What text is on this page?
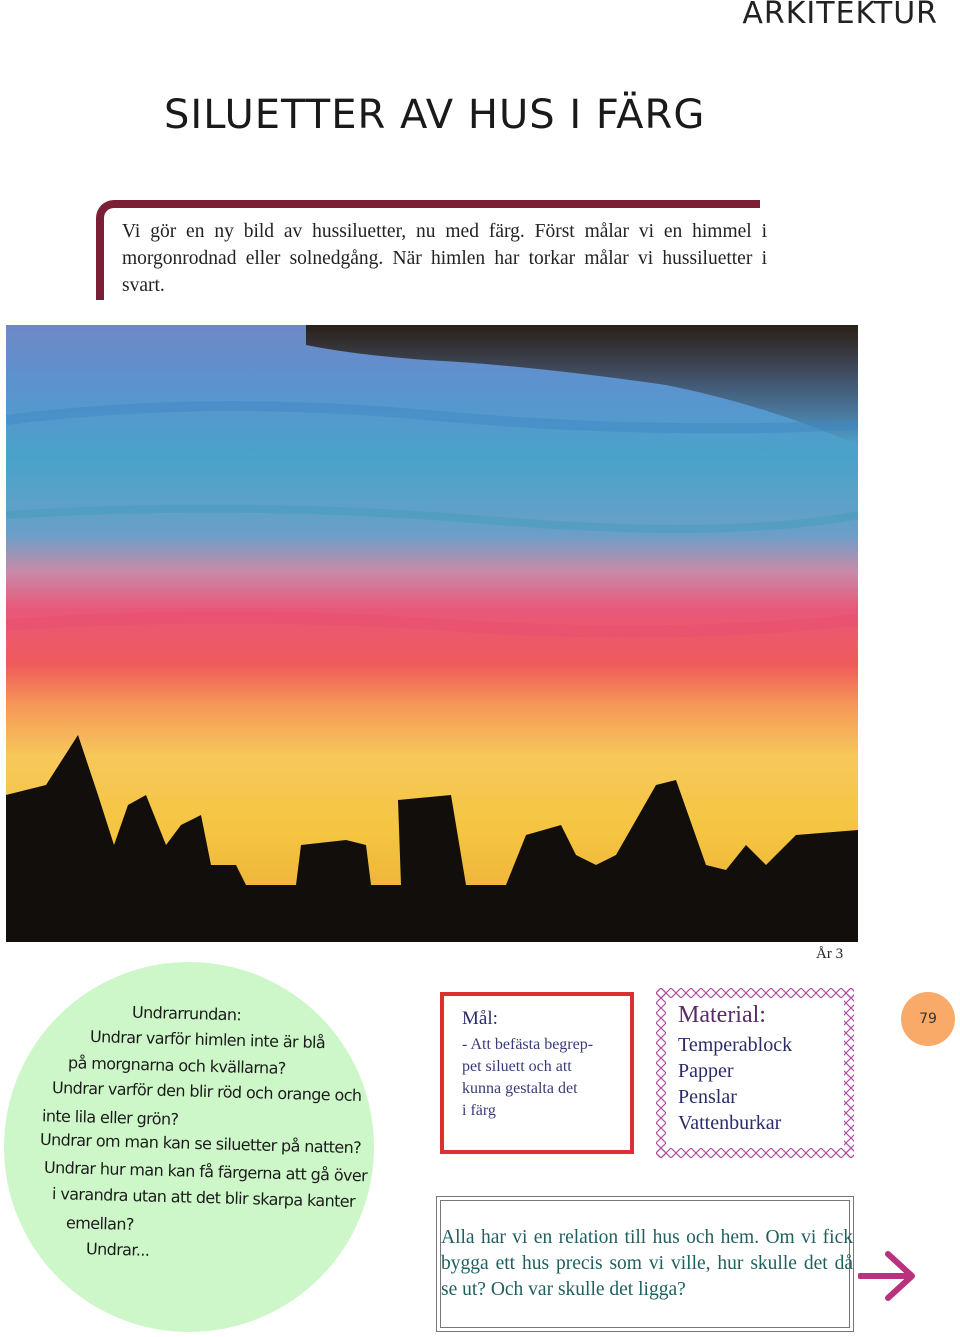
ARKITEKTUR
SILUETTER AV HUS I FÄRG
Vi gör en ny bild av hussiluetter, nu med färg. Först målar vi en himmel i morgonrodnad eller solnedgång. När himlen har torkar målar vi hussiluetter i svart.
År 3
Undrarrundan:
Undrar varför himlen inte är blå
på morgnarna och kvällarna?
Undrar varför den blir röd och orange och
inte lila eller grön?
Undrar om man kan se siluetter på natten?
Undrar hur man kan få färgerna att gå över
i varandra utan att det blir skarpa kanter
emellan?
Undrar...
Mål:
- Att befästa begrep-
pet siluett och att
kunna gestalta det
i färg
Material:
Temperablock
Papper
Penslar
Vattenburkar
79
Alla har vi en relation till hus och hem. Om vi fick bygga ett hus precis som vi ville, hur skulle det då se ut? Och var skulle det ligga?
